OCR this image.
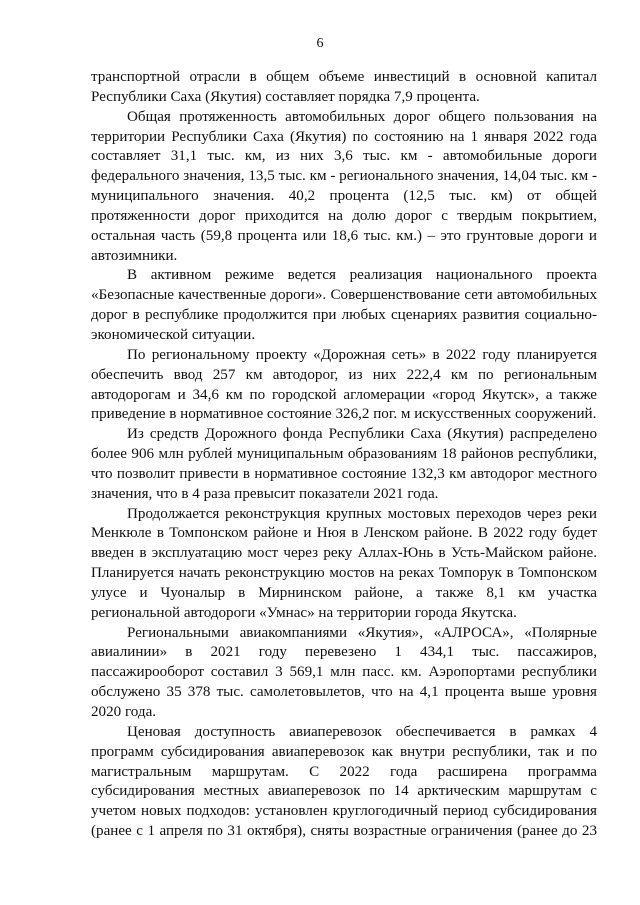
6

транспортной отрасли в общем объеме инвестиций в основной капитал Республики Саха (Якутия) составляет порядка 7,9 процента.

Общая протяженность автомобильных дорог общего пользования на территории Республики Саха (Якутия) по состоянию на 1 января 2022 года составляет 31,1 тыс. км, из них 3,6 тыс. км - автомобильные дороги федерального значения, 13,5 тыс. км - регионального значения, 14,04 тыс. км - муниципального значения. 40,2 процента (12,5 тыс. км) от общей протяженности дорог приходится на долю дорог с твердым покрытием, остальная часть (59,8 процента или 18,6 тыс. км.) – это грунтовые дороги и автозимники.

В активном режиме ведется реализация национального проекта «Безопасные качественные дороги». Совершенствование сети автомобильных дорог в республике продолжится при любых сценариях развития социально-экономической ситуации.

По региональному проекту «Дорожная сеть» в 2022 году планируется обеспечить ввод 257 км автодорог, из них 222,4 км по региональным автодорогам и 34,6 км по городской агломерации «город Якутск», а также приведение в нормативное состояние 326,2 пог. м искусственных сооружений.

Из средств Дорожного фонда Республики Саха (Якутия) распределено более 906 млн рублей муниципальным образованиям 18 районов республики, что позволит привести в нормативное состояние 132,3 км автодорог местного значения, что в 4 раза превысит показатели 2021 года.

Продолжается реконструкция крупных мостовых переходов через реки Менкюле в Томпонском районе и Нюя в Ленском районе. В 2022 году будет введен в эксплуатацию мост через реку Аллах-Юнь в Усть-Майском районе. Планируется начать реконструкцию мостов на реках Томпорук в Томпонском улусе и Чуоналыр в Мирнинском районе, а также 8,1 км участка региональной автодороги «Умнас» на территории города Якутска.

Региональными авиакомпаниями «Якутия», «АЛРОСА», «Полярные авиалинии» в 2021 году перевезено 1 434,1 тыс. пассажиров, пассажирооборот составил 3 569,1 млн пасс. км. Аэропортами республики обслужено 35 378 тыс. самолетовылетов, что на 4,1 процента выше уровня 2020 года.

Ценовая доступность авиаперевозок обеспечивается в рамках 4 программ субсидирования авиаперевозок как внутри республики, так и по магистральным маршрутам. С 2022 года расширена программа субсидирования местных авиаперевозок по 14 арктическим маршрутам с учетом новых подходов: установлен круглогодичный период субсидирования (ранее с 1 апреля по 31 октября), сняты возрастные ограничения (ранее до 23
